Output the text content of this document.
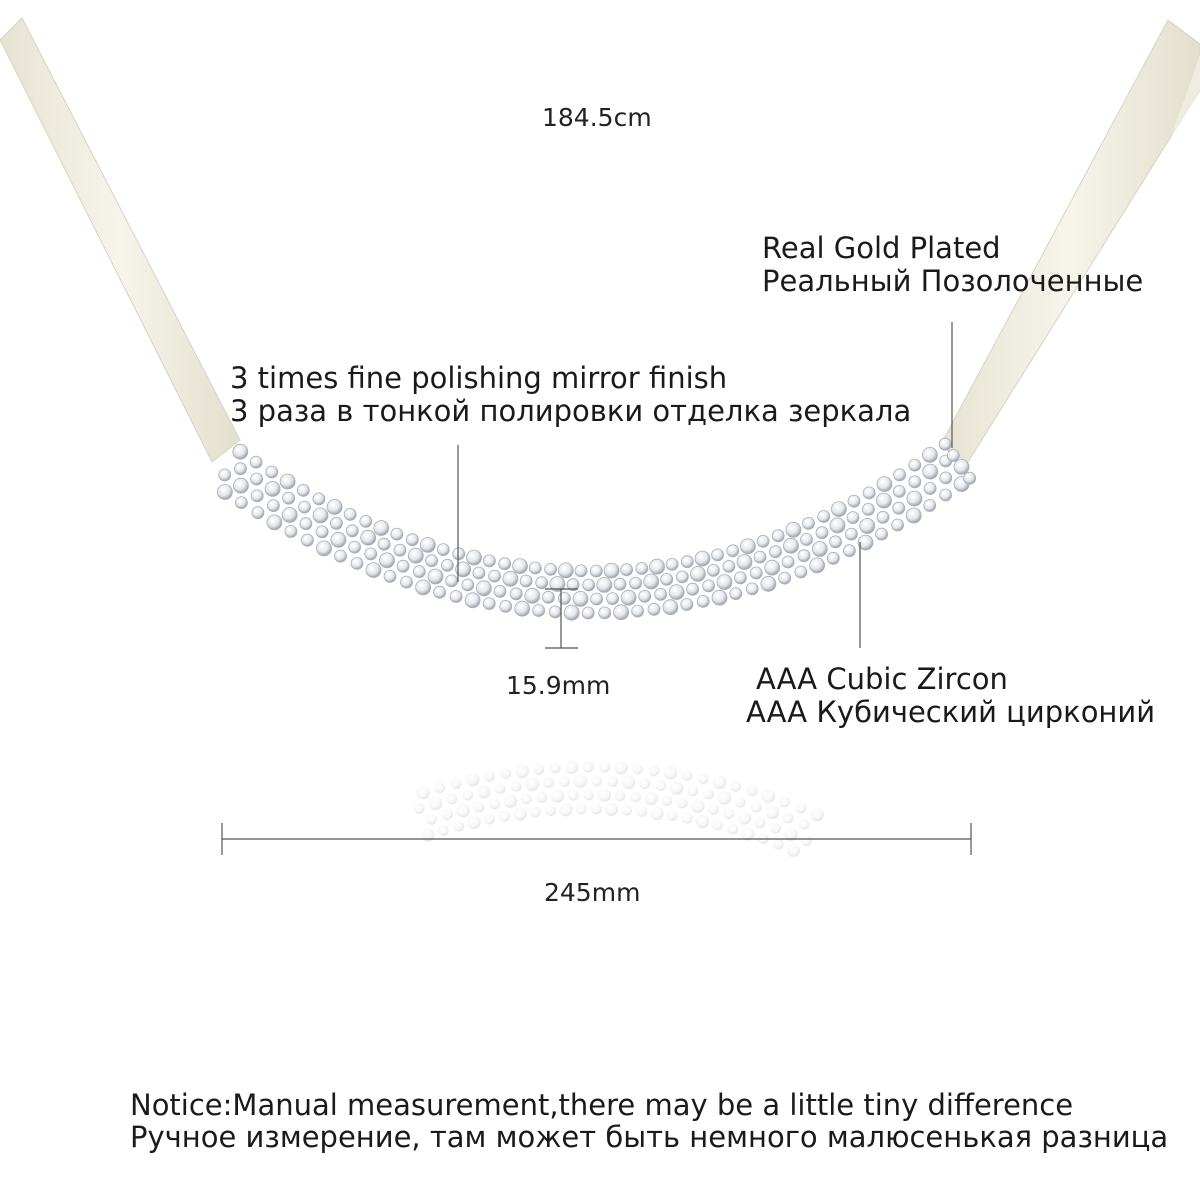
184.5cm
Real Gold Plated
Реальный Позолоченные
3 times fine polishing mirror finish
3 раза в тонкой полировки отделка зеркала
AAA Cubic Zircon
AAA Кубический цирконий
15.9mm
245mm
Notice:Manual measurement,there may be a little tiny difference
Ручное измерение, там может быть немного малюсенькая разница
